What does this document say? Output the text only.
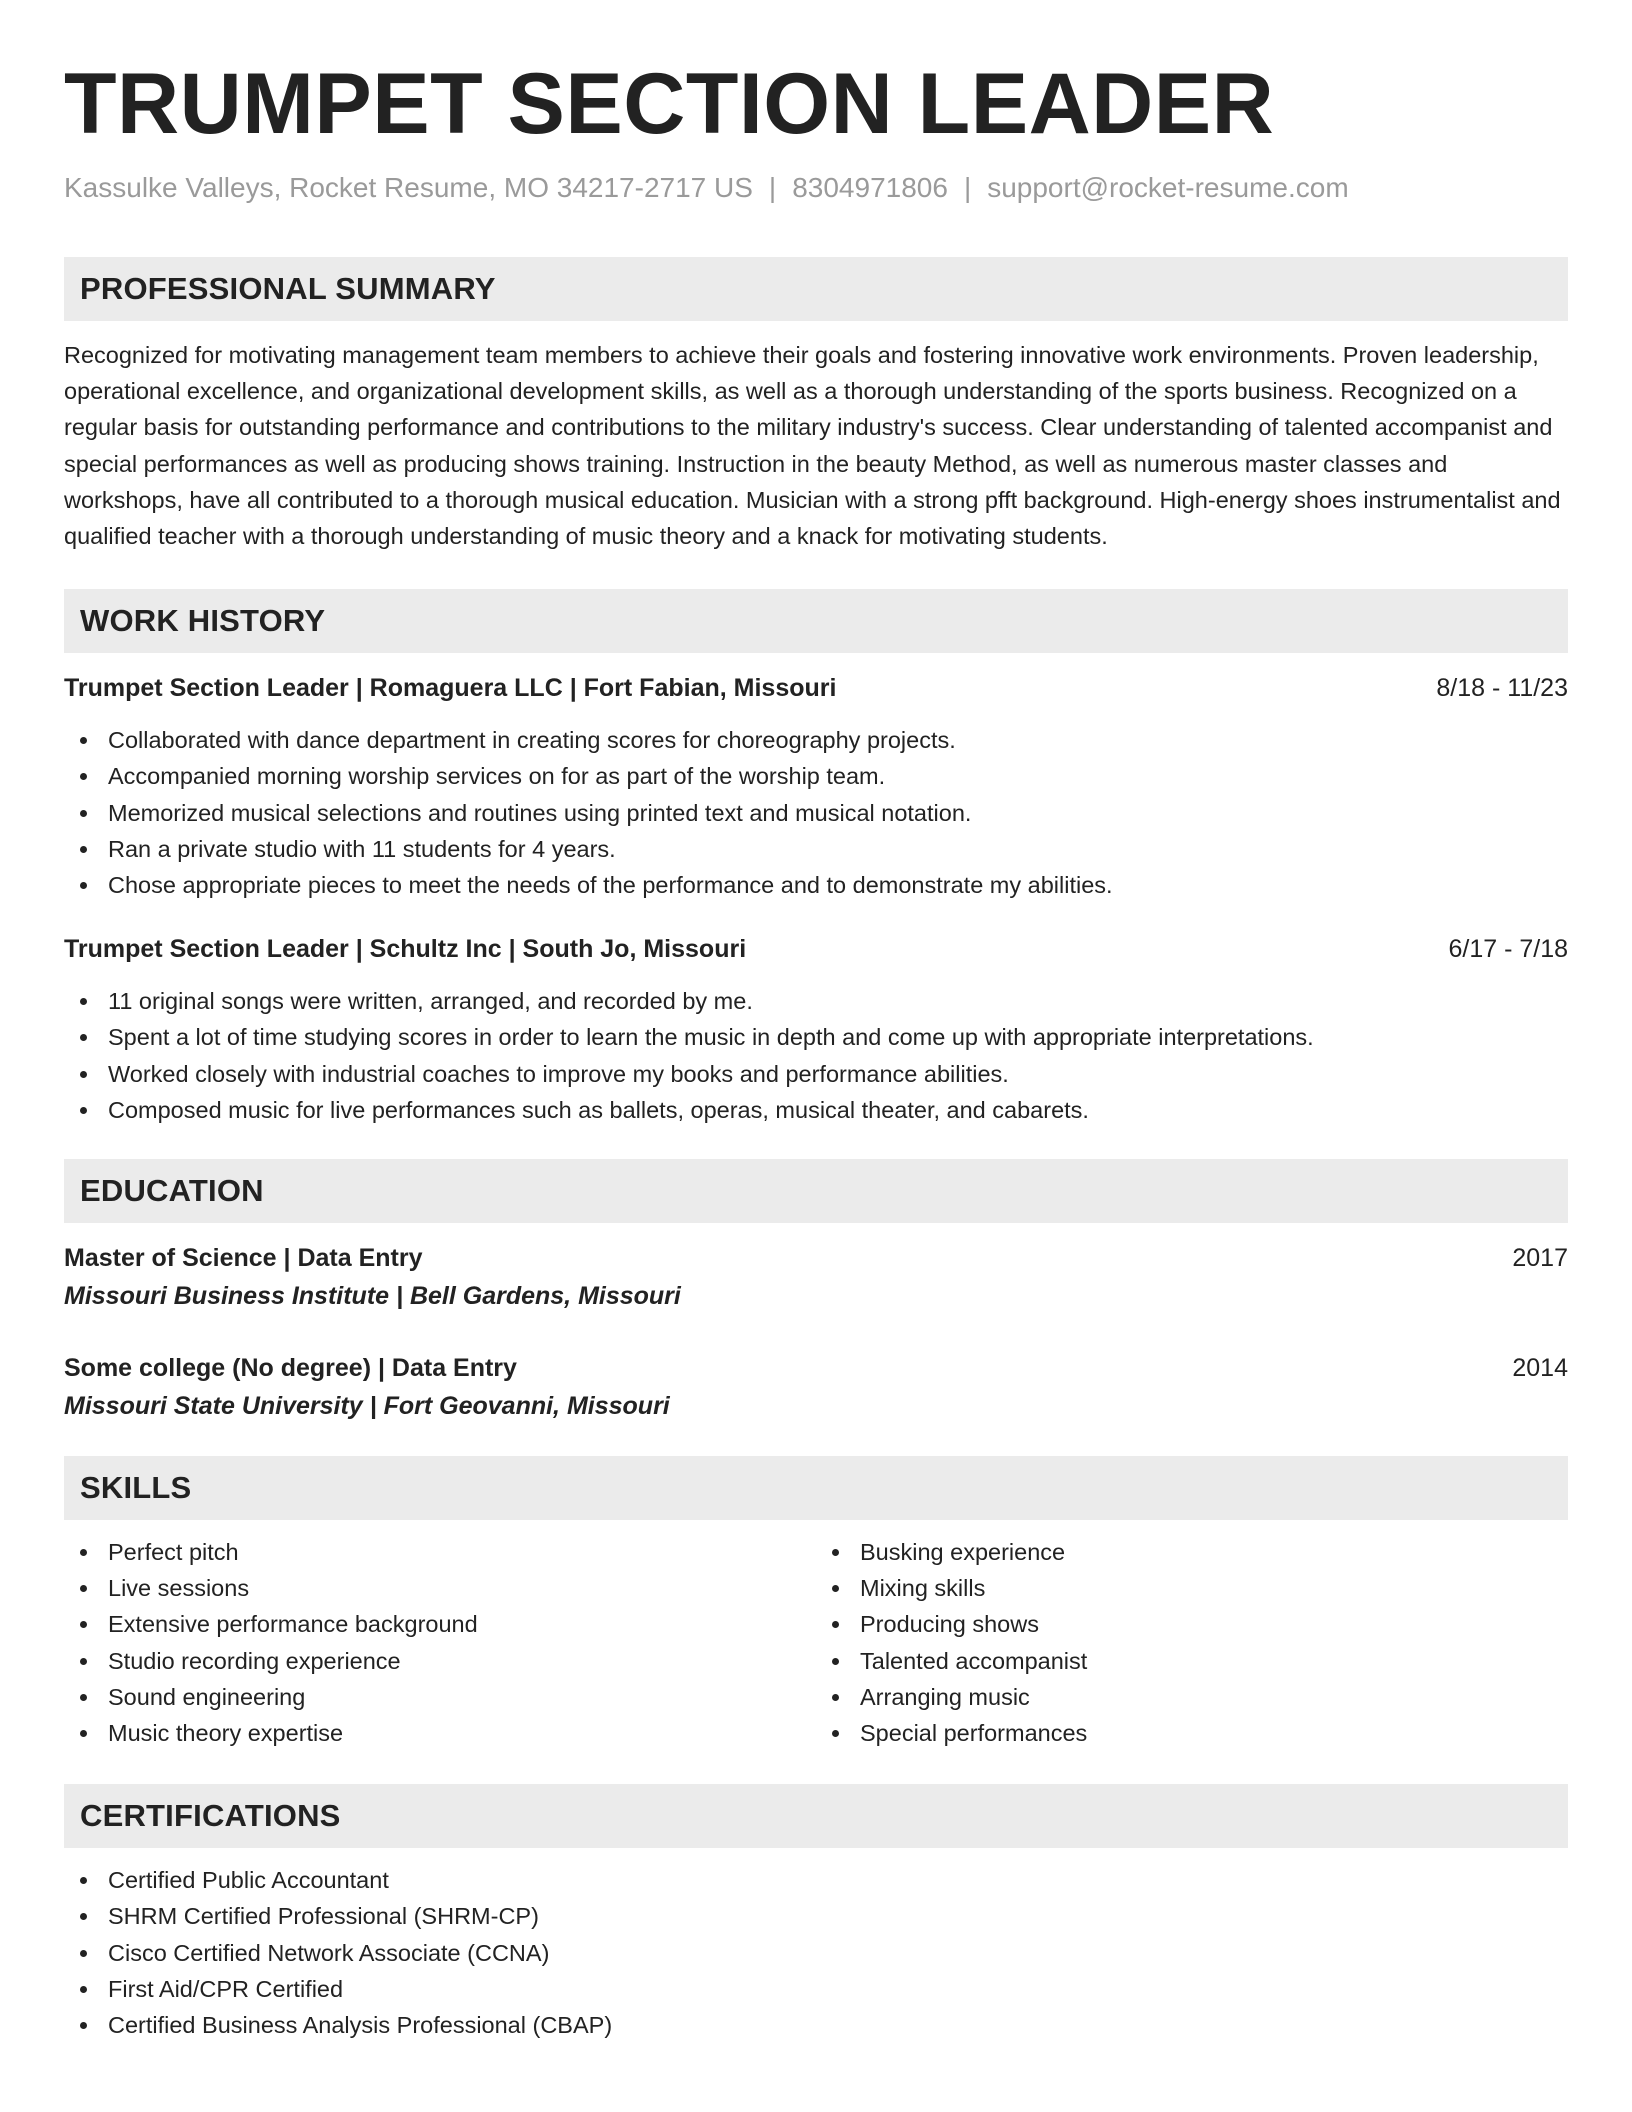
TRUMPET SECTION LEADER
Kassulke Valleys, Rocket Resume, MO 34217-2717 US | 8304971806 | support@rocket-resume.com
PROFESSIONAL SUMMARY

Recognized for motivating management team members to achieve their goals and fostering innovative work environments. Proven leadership, operational excellence, and organizational development skills, as well as a thorough understanding of the sports business. Recognized on a regular basis for outstanding performance and contributions to the military industry's success. Clear understanding of talented accompanist and special performances as well as producing shows training. Instruction in the beauty Method, as well as numerous master classes and workshops, have all contributed to a thorough musical education. Musician with a strong pfft background. High-energy shoes instrumentalist and qualified teacher with a thorough understanding of music theory and a knack for motivating students.

WORK HISTORY
Trumpet Section Leader | Romaguera LLC | Fort Fabian, Missouri	8/18 - 11/23
Collaborated with dance department in creating scores for choreography projects.
Accompanied morning worship services on for as part of the worship team.
Memorized musical selections and routines using printed text and musical notation.
Ran a private studio with 11 students for 4 years.
Chose appropriate pieces to meet the needs of the performance and to demonstrate my abilities.
Trumpet Section Leader | Schultz Inc | South Jo, Missouri	6/17 - 7/18
11 original songs were written, arranged, and recorded by me.
Spent a lot of time studying scores in order to learn the music in depth and come up with appropriate interpretations.
Worked closely with industrial coaches to improve my books and performance abilities.
Composed music for live performances such as ballets, operas, musical theater, and cabarets.
EDUCATION
Master of Science | Data Entry	2017
Missouri Business Institute | Bell Gardens, Missouri
Some college (No degree) | Data Entry	2014
Missouri State University | Fort Geovanni, Missouri
SKILLS
Perfect pitch
Live sessions
Extensive performance background
Studio recording experience
Sound engineering
Music theory expertise
Busking experience
Mixing skills
Producing shows
Talented accompanist
Arranging music
Special performances
CERTIFICATIONS
Certified Public Accountant
SHRM Certified Professional (SHRM-CP)
Cisco Certified Network Associate (CCNA)
First Aid/CPR Certified
Certified Business Analysis Professional (CBAP)
